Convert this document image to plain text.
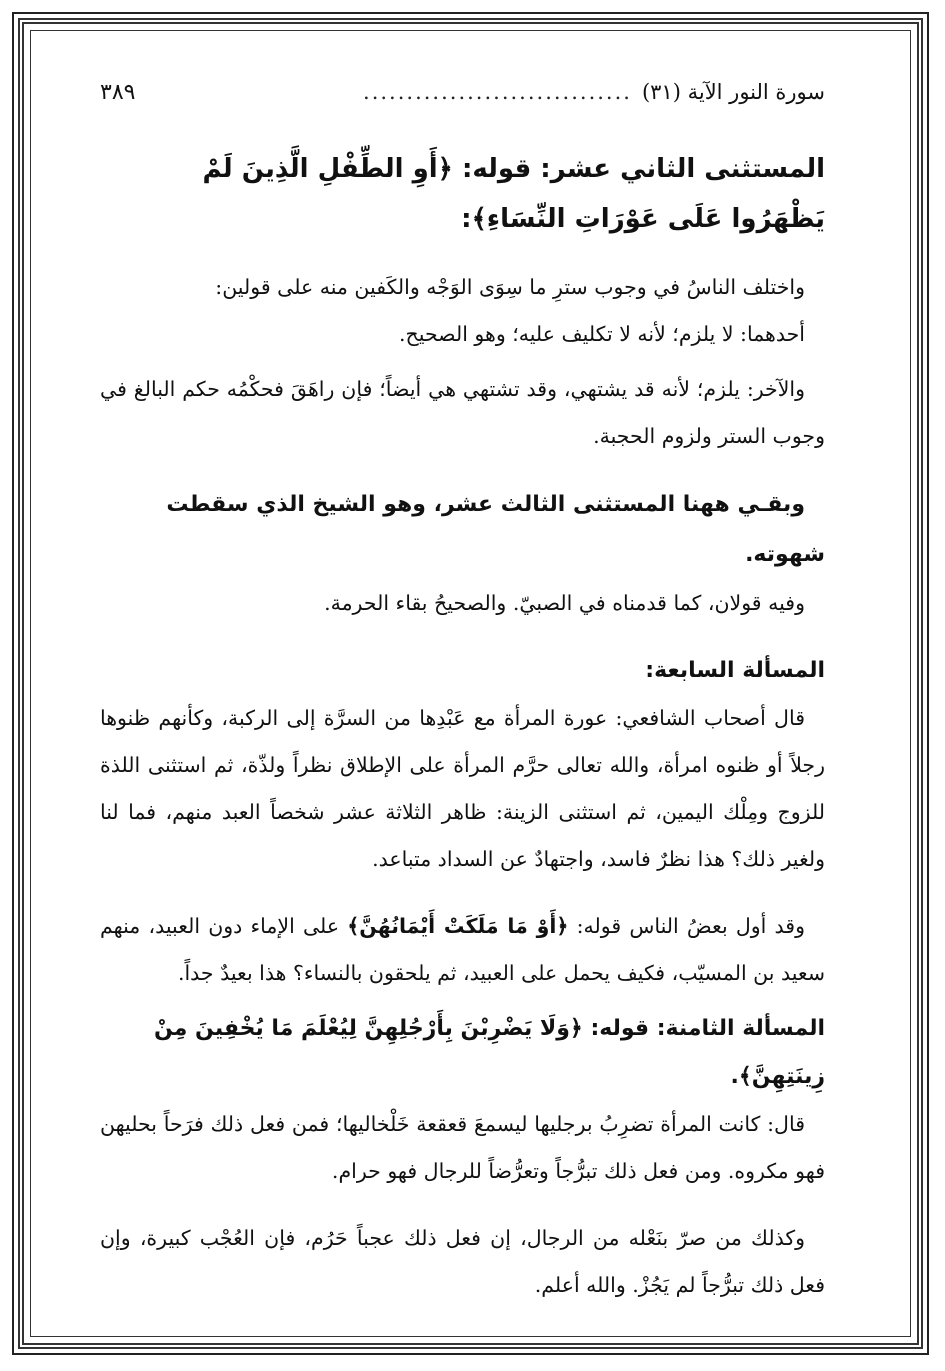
سورة النور الآية (٣١)
...............................
٣٨٩
المستثنى الثاني عشر: قوله: ﴿أَوِ الطِّفْلِ الَّذِينَ لَمْ يَظْهَرُوا عَلَى عَوْرَاتِ النِّسَاءِ﴾:
واختلف الناسُ في وجوب سترِ ما سِوَى الوَجْه والكَفين منه على قولين:
أحدهما: لا يلزم؛ لأنه لا تكليف عليه؛ وهو الصحيح.
والآخر: يلزم؛ لأنه قد يشتهي، وقد تشتهي هي أيضاً؛ فإن راهَقَ فحكْمُه حكم البالغ في وجوب الستر ولزوم الحجبة.
وبقـي ههنا المستثنى الثالث عشر، وهو الشيخ الذي سقطت شهوته.
وفيه قولان، كما قدمناه في الصبيّ. والصحيحُ بقاء الحرمة.
المسألة السابعة:
قال أصحاب الشافعي: عورة المرأة مع عَبْدِها من السرَّة إلى الركبة، وكأنهم ظنوها رجلاً أو ظنوه امرأة، والله تعالى حرَّم المرأة على الإطلاق نظراً ولذّة، ثم استثنى اللذة للزوج ومِلْك اليمين، ثم استثنى الزينة: ظاهر الثلاثة عشر شخصاً العبد منهم، فما لنا ولغير ذلك؟ هذا نظرٌ فاسد، واجتهادٌ عن السداد متباعد.
وقد أول بعضُ الناس قوله: ﴿أَوْ مَا مَلَكَتْ أَيْمَانُهُنَّ﴾ على الإماء دون العبيد، منهم سعيد بن المسيّب، فكيف يحمل على العبيد، ثم يلحقون بالنساء؟ هذا بعيدٌ جداً.
المسألة الثامنة: قوله: ﴿وَلَا يَضْرِبْنَ بِأَرْجُلِهِنَّ لِيُعْلَمَ مَا يُخْفِينَ مِنْ زِينَتِهِنَّ﴾.
قال: كانت المرأة تضرِبُ برجليها ليسمعَ قعقعة خَلْخاليها؛ فمن فعل ذلك فرَحاً بحليهن فهو مكروه. ومن فعل ذلك تبرُّجاً وتعرُّضاً للرجال فهو حرام.
وكذلك من صرّ بنَعْله من الرجال، إن فعل ذلك عجباً حَرُم، فإن العُجْب كبيرة، وإن فعل ذلك تبرُّجاً لم يَجُزْ. والله أعلم.
